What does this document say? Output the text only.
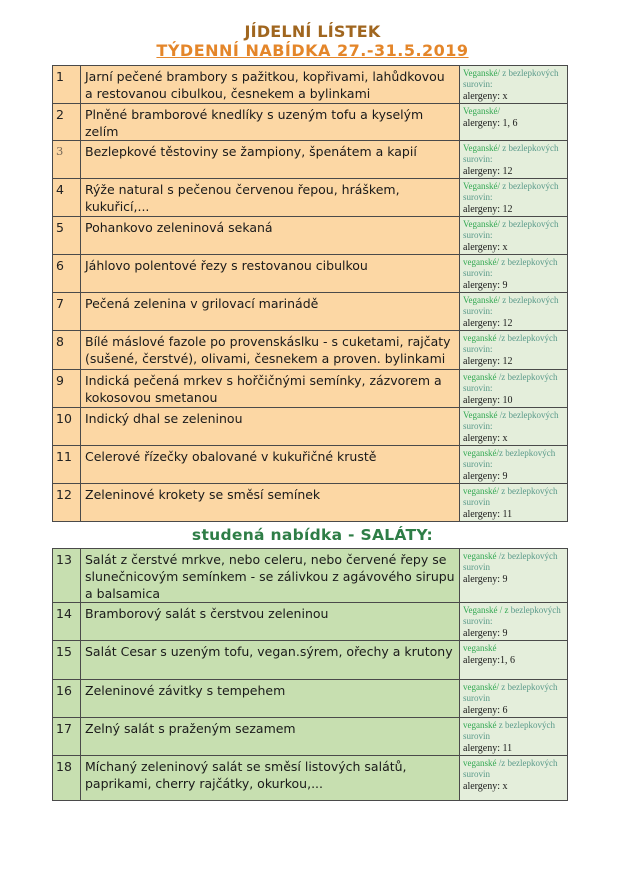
JÍDELNÍ LÍSTEK
TÝDENNÍ NABÍDKA 27.-31.5.2019
1	Jarní pečené brambory s pažitkou, kopřivami, lahůdkovou a restovanou cibulkou, česnekem a bylinkami	Veganské/ z bezlepkových surovin:
alergeny: x

2	Plněné bramborové knedlíky s uzeným tofu a kyselým zelím	Veganské/
alergeny: 1, 6

3	Bezlepkové těstoviny se žampiony, špenátem a kapií	Veganské/ z bezlepkových surovin:
alergeny: 12

4	Rýže natural s pečenou červenou řepou, hráškem, kukuřicí,...	Veganské/ z bezlepkových surovin:
alergeny: 12

5	Pohankovo zeleninová sekaná	Veganské/ z bezlepkových surovin:
alergeny: x

6	Jáhlovo polentové řezy s restovanou cibulkou	veganské/ z bezlepkových surovin:
alergeny: 9

7	Pečená zelenina v grilovací marinádě	Veganské/ z bezlepkových surovin:
alergeny: 12

8	Bílé máslové fazole po provenskáslku - s cuketami, rajčaty (sušené, čerstvé), olivami, česnekem a proven. bylinkami	veganské /z bezlepkových surovin:
alergeny: 12

9	Indická pečená mrkev s hořčičnými semínky, zázvorem a kokosovou smetanou	veganské /z bezlepkových surovin:
alergeny: 10

10	Indický dhal se zeleninou	Veganské /z bezlepkových surovin:
alergeny: x

11	Celerové řízečky obalované v kukuřičné krustě	veganské/z bezlepkových surovin:
alergeny: 9

12	Zeleninové krokety se směsí semínek	veganské/ z bezlepkových surovin
alergeny: 11
studená nabídka - SALÁTY:
13	Salát z čerstvé mrkve, nebo celeru, nebo červené řepy se slunečnicovým semínkem - se zálivkou z agávového sirupu a balsamica	veganské /z bezlepkových surovin
alergeny: 9

14	Bramborový salát s čerstvou zeleninou	Veganské / z bezlepkových surovin:
alergeny: 9

15	Salát Cesar s uzeným tofu, vegan.sýrem, ořechy a krutony	veganské
alergeny:1, 6

16	Zeleninové závitky s tempehem	veganské/ z bezlepkových surovin
alergeny: 6

17	Zelný salát s praženým sezamem	veganské z bezlepkových surovin
alergeny: 11

18	Míchaný zeleninový salát se směsí listových salátů, paprikami, cherry rajčátky, okurkou,...	veganské /z bezlepkových surovin
alergeny: x
